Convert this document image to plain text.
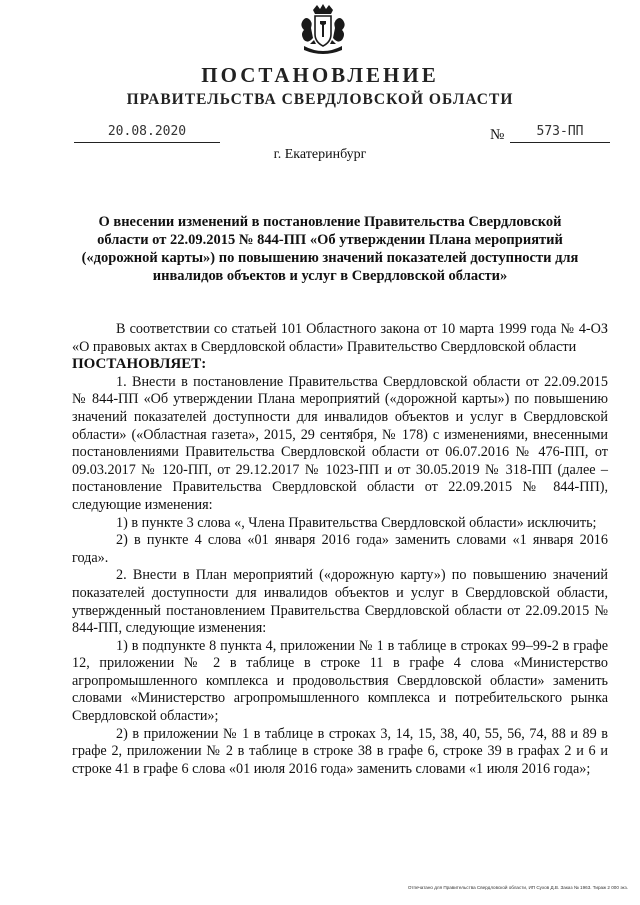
ПОСТАНОВЛЕНИЕ
ПРАВИТЕЛЬСТВА СВЕРДЛОВСКОЙ ОБЛАСТИ
20.08.2020	№	573-ПП
г. Екатеринбург
О внесении изменений в постановление Правительства Свердловской области от 22.09.2015 № 844-ПП «Об утверждении Плана мероприятий («дорожной карты») по повышению значений показателей доступности для инвалидов объектов и услуг в Свердловской области»

В соответствии со статьей 101 Областного закона от 10 марта 1999 года № 4-ОЗ «О правовых актах в Свердловской области» Правительство Свердловской области

ПОСТАНОВЛЯЕТ:

1. Внести в постановление Правительства Свердловской области от 22.09.2015 № 844-ПП «Об утверждении Плана мероприятий («дорожной карты») по повышению значений показателей доступности для инвалидов объектов и услуг в Свердловской области» («Областная газета», 2015, 29 сентября, № 178) с изменениями, внесенными постановлениями Правительства Свердловской области от 06.07.2016 № 476-ПП, от 09.03.2017 № 120-ПП, от 29.12.2017 № 1023-ПП и от 30.05.2019 № 318-ПП (далее – постановление Правительства Свердловской области от 22.09.2015 № 844-ПП), следующие изменения:

1) в пункте 3 слова «, Члена Правительства Свердловской области» исключить;

2) в пункте 4 слова «01 января 2016 года» заменить словами «1 января 2016 года».

2. Внести в План мероприятий («дорожную карту») по повышению значений показателей доступности для инвалидов объектов и услуг в Свердловской области, утвержденный постановлением Правительства Свердловской области от 22.09.2015 № 844-ПП, следующие изменения:

1) в подпункте 8 пункта 4, приложении № 1 в таблице в строках 99–99-2 в графе 12, приложении № 2 в таблице в строке 11 в графе 4 слова «Министерство агропромышленного комплекса и продовольствия Свердловской области» заменить словами «Министерство агропромышленного комплекса и потребительского рынка Свердловской области»;

2) в приложении № 1 в таблице в строках 3, 14, 15, 38, 40, 55, 56, 74, 88 и 89 в графе 2, приложении № 2 в таблице в строке 38 в графе 6, строке 39 в графах 2 и 6 и строке 41 в графе 6 слова «01 июля 2016 года» заменить словами «1 июля 2016 года»;

Отпечатано для Правительства Свердловской области, ИП Сухов Д.В. Заказ № 1963. Тираж 2 000 экз.
